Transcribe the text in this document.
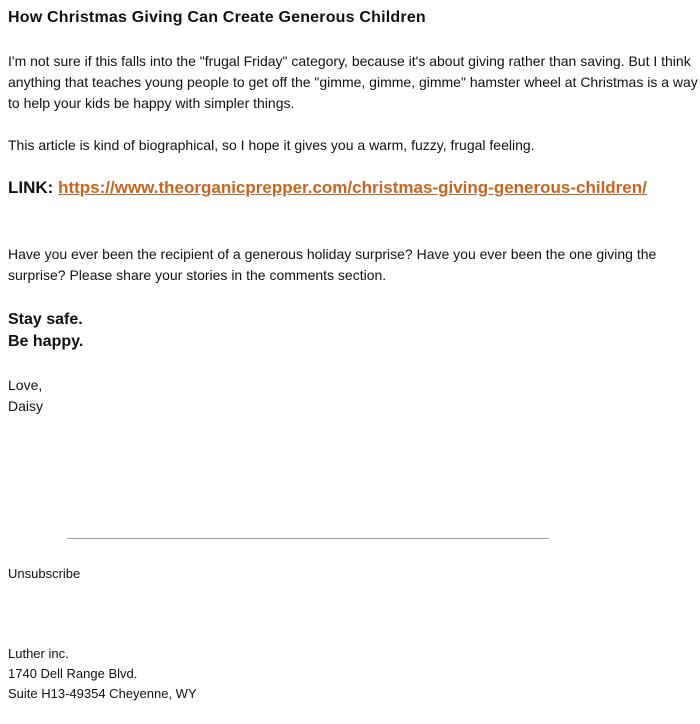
How Christmas Giving Can Create Generous Children
I'm not sure if this falls into the "frugal Friday" category, because it's about giving rather than saving. But I think anything that teaches young people to get off the "gimme, gimme, gimme" hamster wheel at Christmas is a way to help your kids be happy with simpler things.
This article is kind of biographical, so I hope it gives you a warm, fuzzy, frugal feeling.
LINK: https://www.theorganicprepper.com/christmas-giving-generous-children/
Have you ever been the recipient of a generous holiday surprise? Have you ever been the one giving the surprise? Please share your stories in the comments section.
Stay safe.
Be happy.
Love,
Daisy
Unsubscribe
Luther inc.
1740 Dell Range Blvd.
Suite H13-49354 Cheyenne, WY
